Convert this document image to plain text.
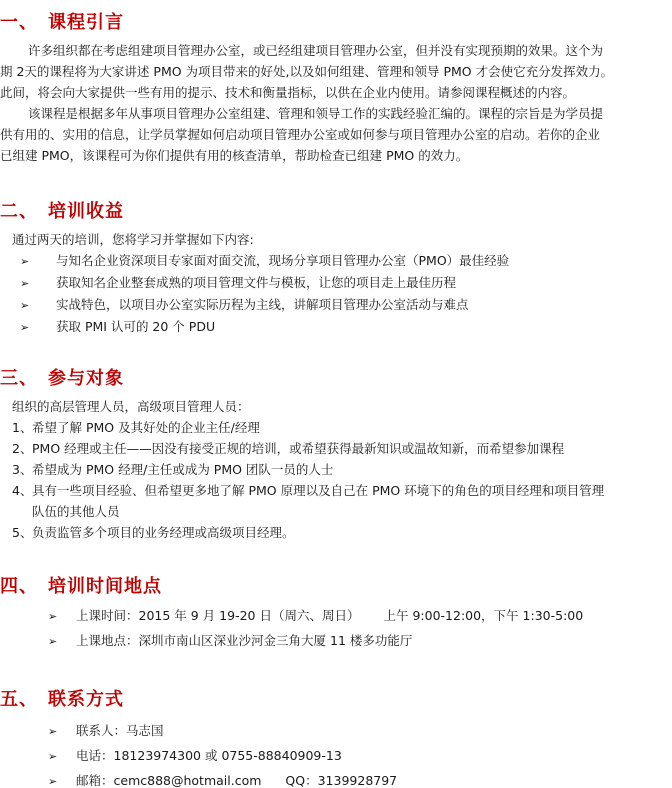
一、 课程引言
许多组织都在考虑组建项目管理办公室，或已经组建项目管理办公室，但并没有实现预期的效果。这个为
期 2天的课程将为大家讲述 PMO 为项目带来的好处,以及如何组建、管理和领导 PMO 才会使它充分发挥效力。
此间，将会向大家提供一些有用的提示、技术和衡量指标，以供在企业内使用。请参阅课程概述的内容。
该课程是根据多年从事项目管理办公室组建、管理和领导工作的实践经验汇编的。课程的宗旨是为学员提
供有用的、实用的信息，让学员掌握如何启动项目管理办公室或如何参与项目管理办公室的启动。若你的企业
已组建 PMO，该课程可为你们提供有用的核查清单，帮助检查已组建 PMO 的效力。
二、 培训收益

通过两天的培训，您将学习并掌握如下内容:

➢ 与知名企业资深项目专家面对面交流，现场分享项目管理办公室（PMO）最佳经验
➢ 获取知名企业整套成熟的项目管理文件与模板，让您的项目走上最佳历程
➢ 实战特色，以项目办公室实际历程为主线，讲解项目管理办公室活动与难点
➢ 获取 PMI 认可的 20 个 PDU
三、 参与对象

组织的高层管理人员，高级项目管理人员：

1、希望了解 PMO 及其好处的企业主任/经理
2、PMO 经理或主任——因没有接受正规的培训，或希望获得最新知识或温故知新，而希望参加课程
3、希望成为 PMO 经理/主任或成为 PMO 团队一员的人士
4、具有一些项目经验、但希望更多地了解 PMO 原理以及自己在 PMO 环境下的角色的项目经理和项目管理
队伍的其他人员
5、负责监管多个项目的业务经理或高级项目经理。
四、 培训时间地点
➢ 上课时间：2015 年 9 月 19-20 日（周六、周日） 上午 9:00-12:00，下午 1:30-5:00
➢ 上课地点：深圳市南山区深业沙河金三角大厦 11 楼多功能厅
五、 联系方式
➢ 联系人：马志国
➢ 电话：18123974300 或 0755-88840909-13
➢ 邮箱：cemc888@hotmail.com QQ：3139928797
